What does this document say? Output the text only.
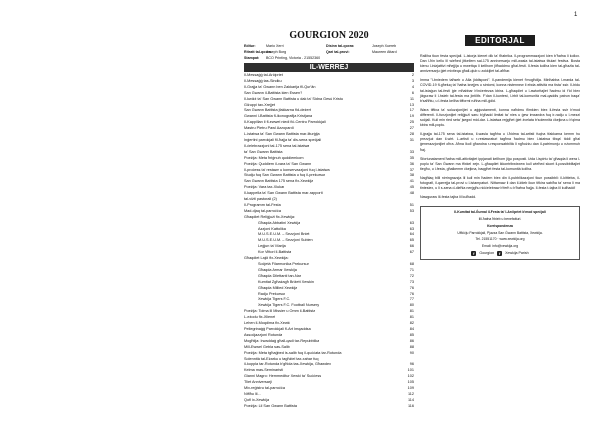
1
GOURGION 2020
Editur:	Mario Xerri	Disinn tal-qoxra:	Joseph Xuereb
Ritratt tal-qoxra:
Joseph Borg	Qari tal-provi:	Maureen Attard
Stampat:	BCO Printing, Victoria - 21552360
IL-WERREJ
Il-Messaġġ tal-Arċipriet	2
Il-Messaġġ tas-Sindku	3
Il-Ġrajja ta' Ġwann ben Zakkarija fil-Qur'ān	4
San Ġwann il-Battista kien Essen?	6
Il-kwiżż ta' San Ġwann Battista u dak ta' Sidna Ġesù Kristu	11
Ġiżuppi tax-Xrejjet	13
San Ġwann Battista jfakkarna fid-deżert	17
Ġwanni l-Battista fl-ikonografija Kristjana	19
Il-Kappillan li fl-ewwel niedi fiċ-Ċentru Parrokkjali	25
Mastru Pietru Pawl Azzopardi	27
L-istatwa ta' San Ġwann Battista mar-liturġija	28
Inġertini parrokjali fil-ħajja ta' dis-sena speċjali	31
Il-ċelebrazzjoni tal-175 sena tal-istatwa
ta' San Ġwann Battista	33
Poeżija: Meta ħriġnuh quddiemkom	35
Poeżija: Quddiem il-vara ta' San Ġwann	36
Il-proċess ta' restawr u konservazzjoni fuq l-istatwa	37
Studju fuq San Ġwann Battista u fuq il-prekursur	38
San Ġwann Battista 175 sena fix-Xewkija	41
Poeżija: Vara tax-Xlukar	45
Il-kappella ta' San Ġwann Battista mar-rapporti	48
tal-viżti pastorali (2)
Il-Programm tal-Festa	51
Mad-djaq tal-parroċċa	53
Għaqdiet Reliġjużi fix-Xewkija:
Għaqda Abbatini Xewkija	63
Azzjoni Kattolika	63
M.U.S.E.U.M. – Sezzjoni Bniet	64
M.U.S.E.U.M. – Sezzjoni Subien	65
Leġjun ta' Marija	66
Kor Vittori il-Battista	67
Għaqdiet Lajċi fix-Xewkija:
Soċjetà Filarmonika Prekursur	68
Għaqda Armar Xewkija	71
Għaqda Dilettanti tan-Nar	72
Kumitat Żgħażagħ Briżett Xewkin	73
Għaqda Millied Xewkija	76
Radju Prekursur	76
Xewkija Tigers F.C.	77
Xewkija Tigers F.C. Football Nursery	80
Poeżija: Tolma lil Missier u Omm il-Battista	81
L-eżodu fix-Xlienet	81
Lehen il-Moqdima fix-Xewki	82
Pellegrinaġġ Parrokkjali fl-Art Imqaddsa	84
Assoċjazzjoni Rotunda	85
Mogħtija: Irwaddaġ għall-qadi tar-Repubblika	86
Mill-Ewwel Gebla sas-Salib	88
Poeżija: Meta tgħaġbed is-salib fuq il-quċċata tar-Rotunda	90
Solennità tal-Eżarku u tagħżiel tax-xahar fuq
il-koppla tar-Rotunda b'għida tas-Xewkija, Għawdex	96
Kelma mas-Seminaristi	101
Gianni Magro: Hemmeditur Xewki ta' Suċċess	102
Tliet Anniversarji	105
Mix-reġistru tal-parroċċa	109
Niftħu lil...	112
Qofl ix-Xewkija	114
Poeżija: Lil San Ġwann Battista	116
EDITORJAL

Ralliha tkun festa speċjali. L-istorja kienet dik ta' tħabrika. Il-programmazzjoni kien b'ħafna li kollox. Dan l-ħin kellu lil wieħed jitkellem sal-175 anniversarju mill-wasla tal-istatwa titulari festiva. Bosta kienu l-inizjattivi mħejjija u mwettqa li kellhom jitħaddmu għal-festi. Il-festa kollha kien tal-għażla tal-anniversarju ġiet mixtieqa għall-qlub u zokkijiet tal-aħħar.

Imma "l-bniedem taħseb u Alla jiddisponi". Il-pandemija kienet f'mogħdija. Minħabba l-marda tal-COVID-19 fl-għeluq ta' ħafna knejjes u sintomi, konna nistennew li ebda attività ma tista' ssir. Il-bidu tal-istaġun tal-festi ġie mħabbar b'inċertezza kbira. L-għaqdiet u l-awtoritajiet ħadmu id f'id biex jiżguraw li l-hsieb tal-festa ma jintilifx. F'dan il-kuntest, l-irbit tal-komunità mal-qaddis patrun baqa' b'saħħtu, u l-festa kellha tifformi ruħha mill-ġdid.

Wara tiftixa ta' soluzzjonijiet u aġġustamenti, konna naħdmu flimkien biex il-festa ssir b'mod differenti. Il-funzjonijiet reliġjużi saru b'għadd limitat ta' nies u ġew imxandra fuq ir-radju u l-mezzi soċjali. Kull min ried seta' jsegwi mid-dar. L-istatwa reġgħet ġiet żvelata b'solennità ċkejkna u b'qima kbira mill-poplu.

Il-ġrajja tal-175 sena tal-istatwa, il-wasla tagħha u l-ħidma tal-artisti fuqha tfakkarna kemm hu prezzjuż dan il-wirt. L-artisti u r-restawraturi tagħna ħadmu biex l-istatwa tibqa' tiddi għal ġenerazzjonijiet oħra. Aħna lkoll għandna r-responsabbiltà li ngħożżu dan il-patrimonju u nżommuh ħaj.

Sfortunatament ħafna mill-attivitajiet ippjanati kellhom jiġu posposti. Iżda l-ispirtu ta' għaqda li wera l-poplu ta' San Ġwann ma tfixkel xejn. L-għaqdiet ikkontribwixxew kull wieħed skont il-possibbiltajiet tiegħu, u l-festa, għalkemm ċkejkna, baqgħet festa tal-komunità kollha.

Nagħlaq billi nirringrazzja lil kull min ħadem biex din il-pubblikazzjoni tkun possibbli: il-kittieba, il-fotografi, il-qarrejja tal-provi u l-istampaturi. Nittamaw li dan il-ktieb ikun tifkira sabiħa ta' sena li ma tintesiex, u li s-sena d-dieħla nerġgħu niċċelebraw b'ferħ u b'ħafna ħajja. Il-festa t-tajba lil kulħadd!

Nawguraw lil-festa tajba lil kulħadd.

Il-Kumitat tal-Ġurnal il-Festa ta' l-Arċipriet b'mod speċjali

lill-ħafna ħbieb u benefatturi.

Korrispondenza

Uffiċċju Parrokkjali, Pjazza San Ġwann Battista, Xewkija.

Tel. 21551170 · www.xewkija.org

Email: info@xewkija.org

f	Gourgion	f	Xewkija Parish
